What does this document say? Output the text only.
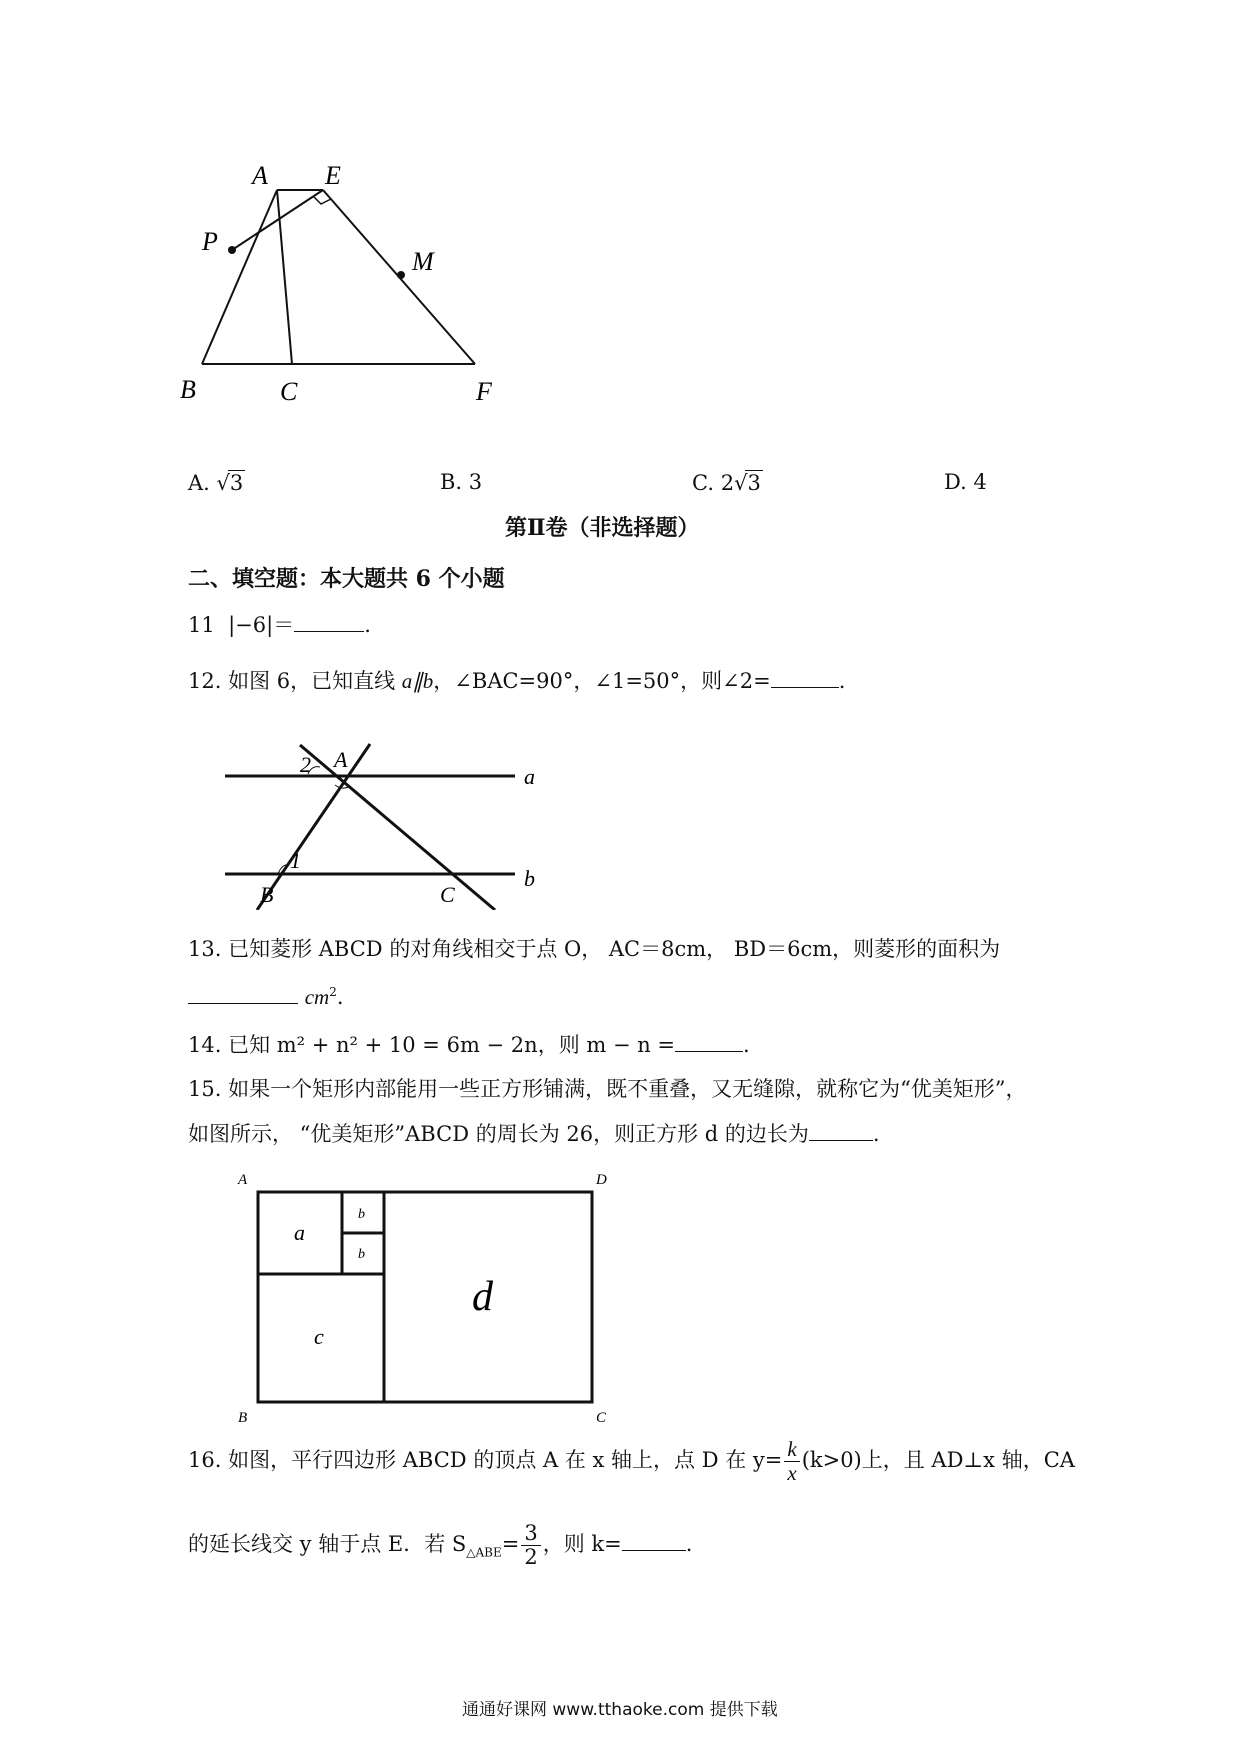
A E
P
M
B	C	F
A. √3	B. 3	C. 2√3	D. 4
第Ⅱ卷（非选择题）
二、填空题：本大题共 6 个小题
11 |−6|＝	.
12. 如图 6，已知直线 a∥b，∠BAC=90°，∠1=50°，则∠2=	.
A
2
1
B	C
a
b
13. 已知菱形 ABCD 的对角线相交于点 O， AC＝8cm， BD＝6cm，则菱形的面积为
$cm^2$.
14. 已知 m² + n² + 10 = 6m − 2n，则 m − n =	.
15. 如果一个矩形内部能用一些正方形铺满，既不重叠，又无缝隙，就称它为“优美矩形”，
如图所示， “优美矩形”ABCD 的周长为 26，则正方形 d 的边长为	.
A	D
B	C
a
b
b
c
d
16. 如图，平行四边形 ABCD 的顶点 A 在 x 轴上，点 D 在 $y= \frac{k}{x} (k>0)$上，且 AD⊥x 轴，CA
的延长线交 y 轴于点 E．若 $S_{\triangle ABE}= \frac{3}{2}$ ，则 k=	.
通通好课网 www.tthaoke.com 提供下载
